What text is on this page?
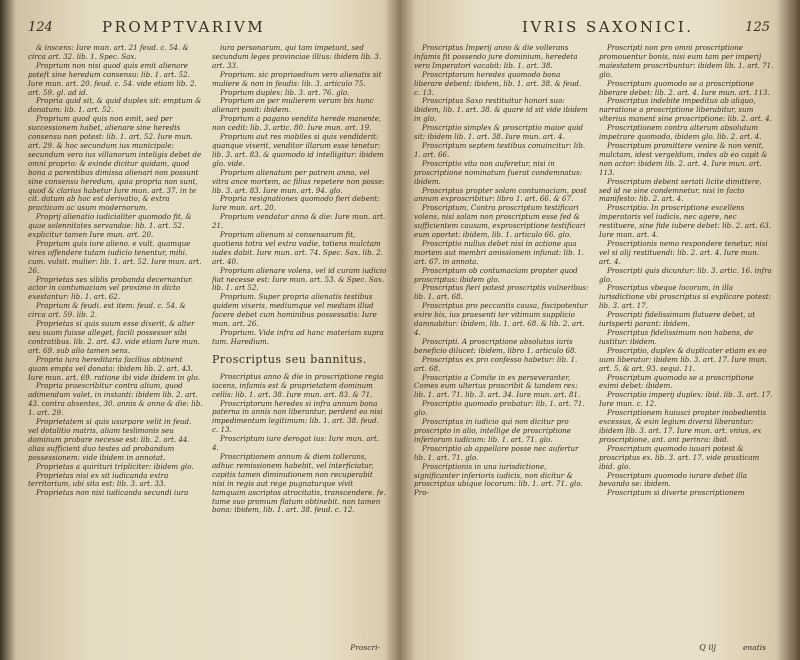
124	PROMPTVARIVM

& inscens: Iure mun. art. 21 feud. c. 54. & circa art. 32. lib. 1. Spec. Sax.

Proprium non nisi quod quis emit alienare poteft sine heredum consensu: lib. 1. art. 52. Iure mun. art. 20. feud. c. 54. vide etiam lib. 2. art. 59. gl. ad id.

Propria quid sit, & quid duplex sit: emptum & donatum: lib. 1. art. 52.

Proprium quod quis non emit, sed per successionem habet, alienare sine heredis consensu non potest: lib. 1. art. 52. Iure mun. art. 29. & hoc secundum ius municipale: secundum vero ius villanorum inteligis debet de omni proprio: & exinde dicitur quidam, quod bona a parentibus dimissa alienari non possunt sine consensu heredum, quia propria non sunt, quod & clarius habetur Iure mun. art. 37. in te cit. datum ab hoc est derivatio, & extra practicam ac usum modernorum.

Proprij alienatio iudicialiter quomodo fit, & quae solennitates servandae: lib. 1. art. 52. explicitur tamen Iure mun. art. 20.

Proprium quis iure alieno. e vult. quamque vires offendere tutam iudicio tenentur, mihi. cum. vulsit. mulier: lib. 1. art. 52. Iure mun. art. 26.

Proprietas ses siblis probanda decernantur. actor in contumaciam vel proximo in dicto exestantur: lib. 1. art. 62.

Proprium & feudi. est item: feud. c. 54. & circa art. 59. lib. 2.

Proprietas si quis suum esse dixerit, & alter seu suum fuisse alleget, facili possessor sibi contratibus. lib. 2. art. 43. vide etiam Iure mun. art. 69. sub alio tamen sens.

Propria iura hereditaria facilius obtinent quam empta vel donata: ibidem lib. 2. art. 43. Iure mun. art. 69. ratione ibi vide ibidem in glo.

Propria praescribitur contra alium, quod adimendum valet, in instanti: ibidem lib. 2. art. 43. contra absentes, 30. annis & anno & die: lib. 1. art. 29.

Proprietatem si quis usurpare velit in feud. vel dotalitio matris, aliam teslimonis seu dominum probare necesse est: lib. 2. art. 44. alias sufficient duo testes ad probandum possessionem: vide ibidem in annotat.

Proprietas a quirituri tripliciter: ibidem glo.

Proprietas nisi ex sit iudicanda extra territorium, ubi sita est: lib. 3. art. 33.

Proprietas non nisi iudicanda secundi iura

iura personarum, qui tam impetunt, sed secundum leges provinciae illius: ibidem lib. 3. art. 33.

Proprium. sic propriaedium vero alienatis sit muliere & non in feudis: lib. 3. articulo 75.

Proprium duplex: lib. 3. art. 76. glo.

Proprium an per mulierem verum bis hunc alienari posit: ibidem.

Proprium a pagano vendita herede manente, non cedit: lib. 3. artic. 80. Iure mun. art. 19.

Proprium aut res mobiles si quis vendiderit: quanque vixerit, venditor illarum esse tenetur: lib. 3. art. 83. & quomodo id intelligitur: ibidem glo. vide.

Proprium alienatum per patrem anno, vel vitra ance mortem, ac filius repetere non posse: lib. 3. art. 83. Iure mun. art. 94. glo.

Propria resignationes quomodo fieri debent: Iure mun. art. 20.

Proprium vendatur anno & die: Iure mun. art. 21.

Proprium alienum si consensarum fit, quotiens totra vel extra vadie, totiens mulctam iudex dabit. Iure mun. art. 74. Spec. Sax. lib. 2. art. 40.

Proprium alienare volens, vel id curam iudicio fiat necesse est: Iure mun. art. 53. & Spec. Sax. lib. 1. art 52.

Proprium. Super propria alienatis testibus quidem vixeris, mediumque vel mediam illud facere debet cum hominibus possessatis: Iure mun. art. 26.

Proprium. Vide infra ad hanc materiam supra tum. Haredium.

Proscriptus seu bannitus.

Proscriptus anno & die in proscriptione regia iacens, infamis est & proprietatem dominum cellis: lib. 1. art. 38. Iure mun. art. 83. & 71.

Proscriptorum heredes si infra annum bona paterna in annis non liberantur, perdent ea nisi impedimentum legitimum: lib. 1. art. 38. feud. c. 13.

Proscriptum iure derogat ius: Iure mun. art. 4.

Proscriptionem annum & diem tollerans, adhuc remissionem habebit, vel interficiatur, capitis tamen diminutionem non recuperabit nisi in regis aut rege pugnaturque vivit tamquam ascriptos atrocitatis, transcendere. fe. tume suo promum flatum obtinebit. non tamen bona: ibidem, lib. 1. art. 38. feud. c. 12.

Proscri-
IVRIS SAXONICI.	125

Proscriptus Imperij anno & die vollerans infamis fit possendo jure dominium, heredeta vero Imperatori vacabit: lib. 1. art. 38.

Proscriptorum heredes quomodo bona liberare debent: ibidem, lib. 1. art. 38. & feud. c. 13.

Proscriptus Saxo restituitur honori suo: ibidem, lib. 1. art. 38. & quare id sit vide ibidem in glo.

Proscriptio simplex & proscriptio maior quid sit: ibidem lib. 1. art. 38. Iure mun. art. 4.

Proscriptum septem testibus conuincitur: lib. 1. art. 66.

Proscriptio vita non auferetur, nisi in proscriptione nominatum fuerat condemnatus: ibidem.

Proscriptus propter solam contumaciam, post annum exproscribitur: libro 1. art. 66. & 67.

Proscriptum, Contra proscriptum testificari volens, nisi solam non proscriptum esse fed & sufficientem causam, exproscriptione testificari eum oportet: ibidem, lib. 1. articulo 66. glo.

Proscriptio nullus debet nisi in actione qua mortem aut membri amissionem infunat: lib. 1. art. 67. in annota.

Proscriptum ob contumaciam propter quod proscriptus: ibidem glo.

Proscriptus fieri potest proscriptis vulneribus: lib. 1. art. 68.

Proscriptus pro peccantis causa, fiscipotentur exire bis, ius praesenti ter vitimum supplicio damnabitur: ibidem, lib. 1. art. 68. & lib. 2. art. 4.

Proscripti. A proscriptione absolutus iuris beneficio dilucet: ibidem, libro 1. articulo 68.

Proscriptus ex pro confesso habetur: lib. 1. art. 68.

Proscriptio a Comite in ex perseveranter, Comes eum ulterius proscribit & tandem rex: lib. 1. art. 71. lib. 3. art. 34. Iure mun. art. 81.

Proscriptio quomodo probatur: lib. 1. art. 71. glo.

Proscriptus in iudicio qui non dicitur pro proscripto in alio, intellige de proscriptione inferiorum iudicum: lib. 1. art. 71. glo.

Proscriptio ab appellare posse nec aufertur lib. 1. art. 71. glo.

Proscriptionis in una iurisdictione, significanter inferioris iudicis, non dicitur & proscriptus ubique locorum: lib. 1. art. 71. glo. Pro-

Proscripti non pro omni proscriptione promouentur bonis, nisi eum tam per imperij maiestatem proscribuntur: ibidem lib. 1. art. 71. glo.

Proscriptum quomodo se a proscriptione liberare debet: lib. 2. art. 4. Iure mun. art. 113.

Proscriptus indebite impeditus ab aliquo, narratione a proscriptione liberabitur, sum vlterius manent sine proscriptione: lib. 2. art. 4.

Proscriptionem contra alterum absolutum impetrare quomodo, ibidem glo. lib. 2. art. 4.

Proscriptum promittere venire & non venit, mulctam, idest vergeldum, index ab eo capit & non actor: ibidem lib. 2. art. 4. Iure mun. art. 113.

Proscriptum debent seriati licite dimittere, sed id ne sine condemnetur, nisi in facto manifesto: lib. 2. art. 4.

Proscriptio. In proscriptione excellens imperatoris vel iudicis, nec agere, nec restituere, sine fide iubere debet: lib. 2. art. 63. Iure mun. art. 4.

Proscriptionis nemo respondere tenetur, nisi vel si alij restituendi: lib. 2. art. 4. Iure mun. art. 4.

Proscripti quis dicuntur: lib. 3. artic. 16. infra glo.

Proscriptus vbeque locorum, in illa iurisdictione vbi proscriptus si explicare potest: lib. 3. art. 17.

Proscripti fidelissimum flatuere debet, ut iurisperti parant: ibidem.

Proscriptus fidelissimum non habens, de iustitur: ibidem.

Proscriptio, duplex & duplicater etiam ex eo uum liberatur: ibidem lib. 3. art. 17. Iure mun. art. 5. & art. 93. sequi. 11.

Proscriptum quomodo se a proscriptione eximi debet: ibidem.

Proscriptio imperij duplex: ibid. lib. 3. art. 17. Iure mun. c. 12.

Proscriptionem huiusci propter inobedientis excessus, & exin legium diversi liberantur: ibidem lib. 3. art. 17. Iure mun. art. vnius, ex proscriptione, ant. ant perinra: ibid.

Proscriptum quomodo iuuari potest & proscriptus ex. lib. 3. art. 17. vide prasticam ibid. glo.

Proscriptum quomodo iurare debet illa bevando se: ibidem.

Proscriptum si diverte proscriptionem

Q iij	enatis
